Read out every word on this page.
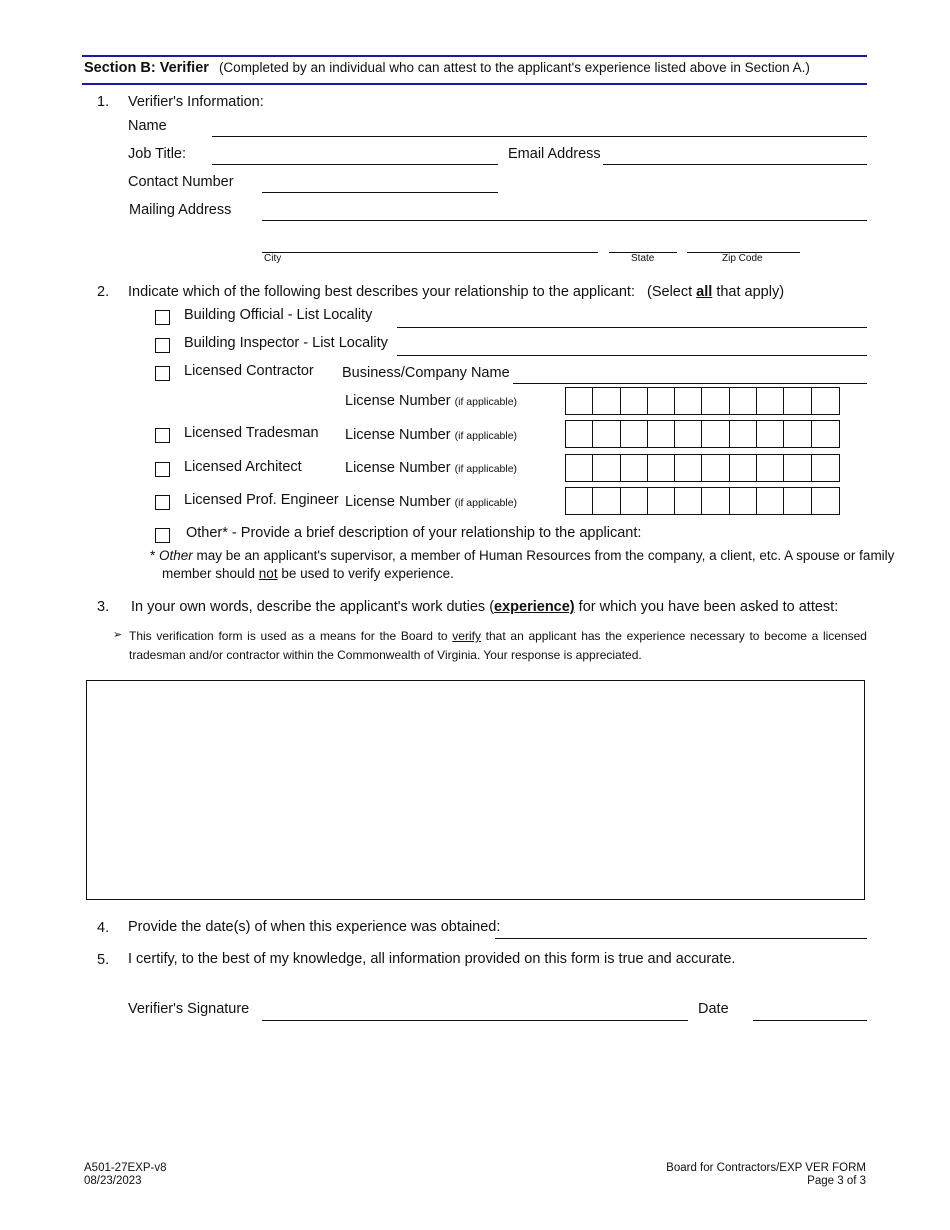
Section B: Verifier (Completed by an individual who can attest to the applicant's experience listed above in Section A.)
1. Verifier's Information:
Name
Job Title:	Email Address
Contact Number
Mailing Address
City	State	Zip Code
2. Indicate which of the following best describes your relationship to the applicant: (Select all that apply)
Building Official - List Locality
Building Inspector - List Locality
Licensed Contractor Business/Company Name
License Number (if applicable)
Licensed Tradesman License Number (if applicable)
Licensed Architect	License Number (if applicable)
Licensed Prof. Engineer License Number (if applicable)
Other* - Provide a brief description of your relationship to the applicant:
* Other may be an applicant's supervisor, a member of Human Resources from the company, a client, etc. A spouse or family
member should not be used to verify experience.
3. In your own words, describe the applicant's work duties (experience) for which you have been asked to attest:
➢ This verification form is used as a means for the Board to verify that an applicant has the experience necessary to become a licensed
tradesman and/or contractor within the Commonwealth of Virginia. Your response is appreciated.
4. Provide the date(s) of when this experience was obtained:
5. I certify, to the best of my knowledge, all information provided on this form is true and accurate.
Verifier's Signature	Date
A501-27EXP-v8
08/23/2023
Board for Contractors/EXP VER FORM
Page 3 of 3
